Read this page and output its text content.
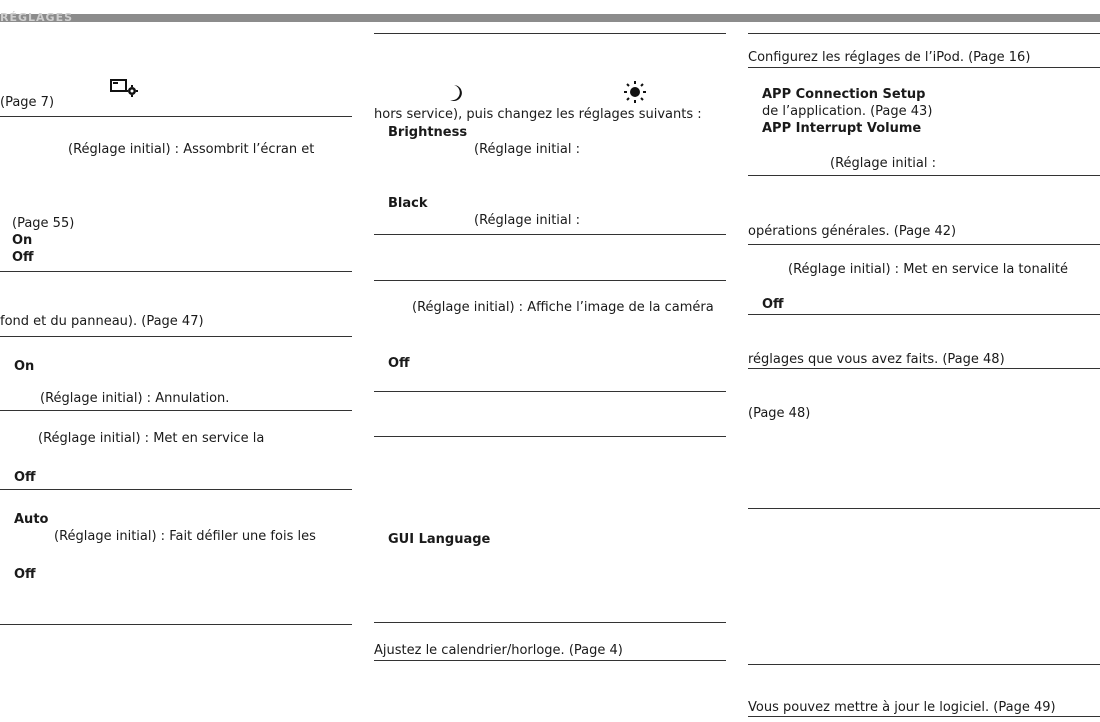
RÉGLAGES
(Page 7)
(Réglage initial) : Assombrit l’écran et
(Page 55)
On
Off
fond et du panneau). (Page 47)
On
(Réglage initial) : Annulation.
(Réglage initial) : Met en service la
Off
Auto
(Réglage initial) : Fait défiler une fois les
Off
hors service), puis changez les réglages suivants :
Brightness
(Réglage initial :
Black
(Réglage initial :
(Réglage initial) : Affiche l’image de la caméra
Off
GUI Language
Ajustez le calendrier/horloge. (Page 4)
Configurez les réglages de l’iPod. (Page 16)
APP Connection Setup
de l’application. (Page 43)
APP Interrupt Volume
(Réglage initial :
opérations générales. (Page 42)
(Réglage initial) : Met en service la tonalité
Off
réglages que vous avez faits. (Page 48)
(Page 48)
Vous pouvez mettre à jour le logiciel. (Page 49)
